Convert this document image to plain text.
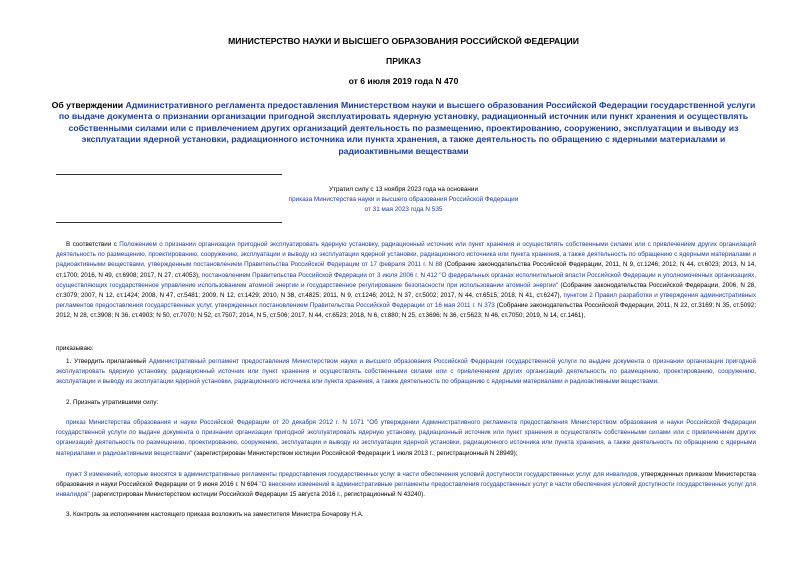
МИНИСТЕРСТВО НАУКИ И ВЫСШЕГО ОБРАЗОВАНИЯ РОССИЙСКОЙ ФЕДЕРАЦИИ
ПРИКАЗ
от 6 июля 2019 года N 470
Об утверждении Административного регламента предоставления Министерством науки и высшего образования Российской Федерации государственной услуги по выдаче документа о признании организации пригодной эксплуатировать ядерную установку, радиационный источник или пункт хранения и осуществлять собственными силами или с привлечением других организаций деятельность по размещению, проектированию, сооружению, эксплуатации и выводу из эксплуатации ядерной установки, радиационного источника или пункта хранения, а также деятельность по обращению с ядерными материалами и радиоактивными веществами
Утратил силу с 13 ноября 2023 года на основании
приказа Министерства науки и высшего образования Российской Федерации
от 31 мая 2023 года N 535
В соответствии с Положением о признании организации пригодной эксплуатировать ядерную установку, радиационный источник или пункт хранения и осуществлять собственными силами или с привлечением других организаций деятельность по размещению, проектированию, сооружению, эксплуатации и выводу из эксплуатации ядерной установки, радиационного источника или пункта хранения, а также деятельность по обращению с ядерными материалами и радиоактивными веществами, утвержденным постановлением Правительства Российской Федерации от 17 февраля 2011 г. N 88 (Собрание законодательства Российской Федерации, 2011, N 9, ст.1246; 2012, N 44, ст.6023; 2013, N 14, ст.1700; 2016, N 49, ст.6908; 2017, N 27, ст.4053), постановлением Правительства Российской Федерации от 3 июля 2006 г. N 412 "О федеральных органах исполнительной власти Российской Федерации и уполномоченных организациях, осуществляющих государственное управление использованием атомной энергии и государственное регулирование безопасности при использовании атомной энергии" (Собрание законодательства Российской Федерации, 2006, N 28, ст.3079; 2007, N 12, ст.1424; 2008, N 47, ст.5481; 2009, N 12, ст.1429; 2010, N 38, ст.4825; 2011, N 9, ст.1246; 2012, N 37, ст.5002; 2017, N 44, ст.6515; 2018, N 41, ст.6247), пунктом 2 Правил разработки и утверждения административных регламентов предоставления государственных услуг, утвержденных постановлением Правительства Российской Федерации от 16 мая 2011 г. N 373 (Собрание законодательства Российской Федерации, 2011, N 22, ст.3169; N 35, ст.5092; 2012, N 28, ст.3908; N 36, ст.4903; N 50, ст.7070; N 52, ст.7507; 2014, N 5, ст.506; 2017, N 44, ст.6523; 2018, N 6, ст.880; N 25, ст.3696; N 36, ст.5623; N 46, ст.7050; 2019, N 14, ст.1461),
приказываю:
1. Утвердить прилагаемый Административный регламент предоставления Министерством науки и высшего образования Российской Федерации государственной услуги по выдаче документа о признании организации пригодной эксплуатировать ядерную установку, радиационный источник или пункт хранения и осуществлять собственными силами или с привлечением других организаций деятельность по размещению, проектированию, сооружению, эксплуатации и выводу из эксплуатации ядерной установки, радиационного источника или пункта хранения, а также деятельность по обращению с ядерными материалами и радиоактивными веществами.
2. Признать утратившими силу:
приказ Министерства образования и науки Российской Федерации от 20 декабря 2012 г. N 1071 "Об утверждении Административного регламента предоставления Министерством образования и науки Российской Федерации государственной услуги по выдаче документа о признании организации пригодной эксплуатировать ядерную установку, радиационный источник или пункт хранения и осуществлять собственными силами или с привлечением других организаций деятельность по размещению, проектированию, сооружению, эксплуатации и выводу из эксплуатации ядерной установки, радиационного источника или пункта хранения, а также деятельность по обращению с ядерными материалами и радиоактивными веществами" (зарегистрирован Министерством юстиции Российской Федерации 1 июля 2013 г., регистрационный N 28949);
пункт 3 изменений, которые вносятся в административные регламенты предоставления государственных услуг в части обеспечения условий доступности государственных услуг для инвалидов, утвержденных приказом Министерства образования и науки Российской Федерации от 9 июня 2016 г. N 694 "О внесении изменений в административные регламенты предоставления государственных услуг в части обеспечения условий доступности государственных услуг для инвалидов" (зарегистрирован Министерством юстиции Российской Федерации 15 августа 2016 г., регистрационный N 43240).
3. Контроль за исполнением настоящего приказа возложить на заместителя Министра Бочарову Н.А.
